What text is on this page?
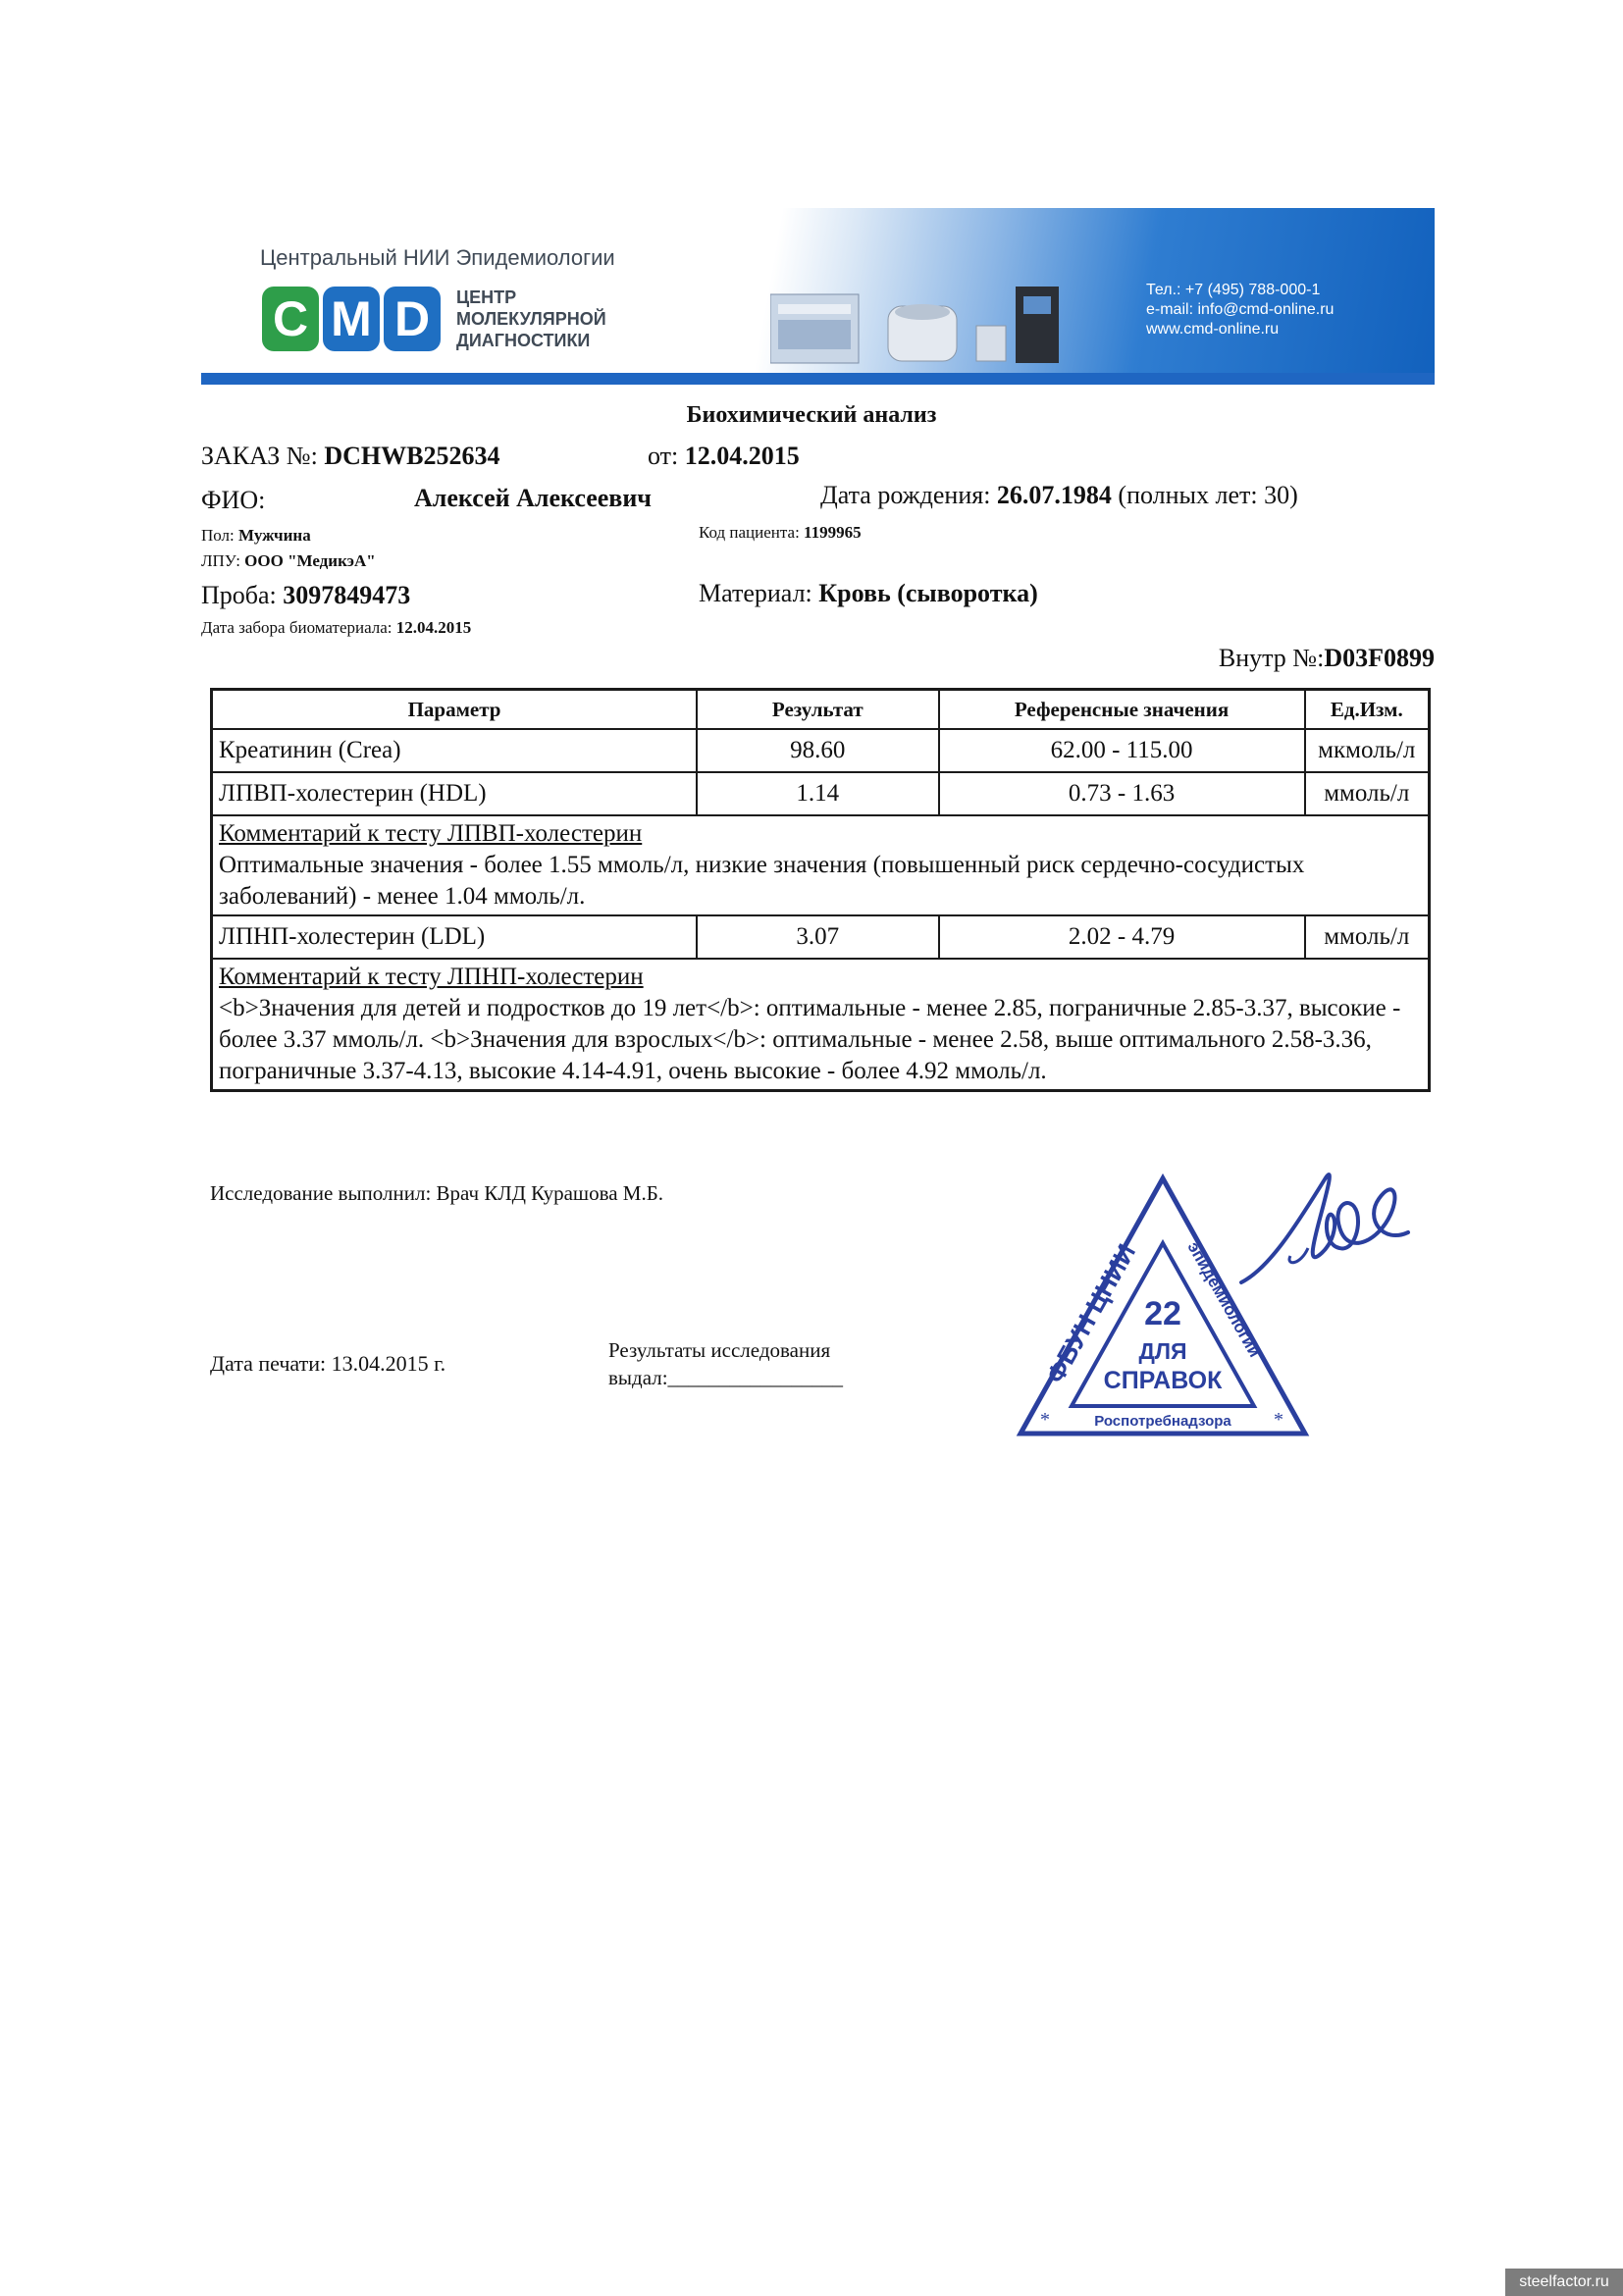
Центральный НИИ Эпидемиологии
C M D	ЦЕНТР
МОЛЕКУЛЯРНОЙ
ДИАГНОСТИКИ
Тел.: +7 (495) 788-000-1
e-mail: info@cmd-online.ru
www.cmd-online.ru
Биохимический анализ
ЗАКАЗ №: DCHWB252634	от: 12.04.2015
ФИО:	Алексей Алексеевич	Дата рождения: 26.07.1984 (полных лет: 30)
Пол: Мужчина	Код пациента: 1199965
ЛПУ: ООО "МедикэА"
Проба: 3097849473	Материал: Кровь (сыворотка)
Дата забора биоматериала: 12.04.2015
Внутр №:D03F0899
Параметр	Результат	Референсные значения	Ед.Изм.
Креатинин (Crea)	98.60	62.00 - 115.00	мкмоль/л
ЛПВП-холестерин (HDL)	1.14	0.73 - 1.63	ммоль/л

Комментарий к тесту ЛПВП-холестерин
Оптимальные значения - более 1.55 ммоль/л, низкие значения (повышенный риск сердечно-сосудистых заболеваний) - менее 1.04 ммоль/л.			

ЛПНП-холестерин (LDL)	3.07	2.02 - 4.79	ммоль/л

Комментарий к тесту ЛПНП-холестерин
<b>Значения для детей и подростков до 19 лет</b>: оптимальные - менее 2.85, пограничные 2.85-3.37, высокие - более 3.37 ммоль/л. <b>Значения для взрослых</b>: оптимальные - менее 2.58, выше оптимального 2.58-3.36, пограничные 3.37-4.13, высокие 4.14-4.91, очень высокие - более 4.92 ммоль/л.			
Исследование выполнил: Врач КЛД Курашова М.Б.
Дата печати: 13.04.2015 г.
Результаты исследования
выдал:_________________	ФБУН ЦНИИ	эпидемиологии
22
ДЛЯ
СПРАВОК
Роспотребнадзора
*	*
steelfactor.ru
